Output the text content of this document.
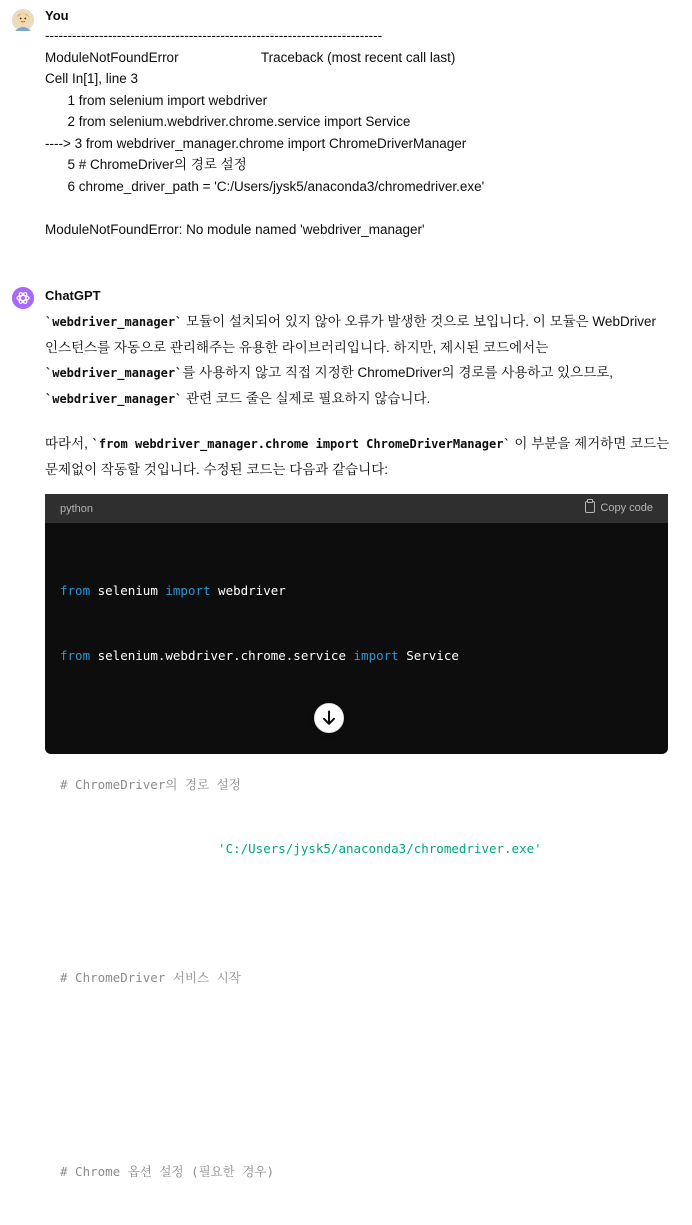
You
---------------------------------------------------------------------------
ModuleNotFoundError                      Traceback (most recent call last)
Cell In[1], line 3
1 from selenium import webdriver
2 from selenium.webdriver.chrome.service import Service
----> 3 from webdriver_manager.chrome import ChromeDriverManager
5 # ChromeDriver의 경로 설정
6 chrome_driver_path = 'C:/Users/jysk5/anaconda3/chromedriver.exe'
ModuleNotFoundError: No module named 'webdriver_manager'
ChatGPT

`webdriver_manager` 모듈이 설치되어 있지 않아 오류가 발생한 것으로 보입니다. 이 모듈은 WebDriver 인스턴스를 자동으로 관리해주는 유용한 라이브러리입니다. 하지만, 제시된 코드에서는 `webdriver_manager`를 사용하지 않고 직접 지정한 ChromeDriver의 경로를 사용하고 있으므로, `webdriver_manager` 관련 코드 줄은 실제로 필요하지 않습니다.

따라서, `from webdriver_manager.chrome import ChromeDriverManager` 이 부분을 제거하면 코드는 문제없이 작동할 것입니다. 수정된 코드는 다음과 같습니다:

python	Copy code

from selenium import webdriver

from selenium.webdriver.chrome.service import Service

# ChromeDriver의 경로 설정

chrome_driver_path = 'C:/Users/jysk5/anaconda3/chromedriver.exe'

# ChromeDriver 서비스 시작

service = Service(executable_path=chrome_driver_path)

# Chrome 옵션 설정 (필요한 경우)
